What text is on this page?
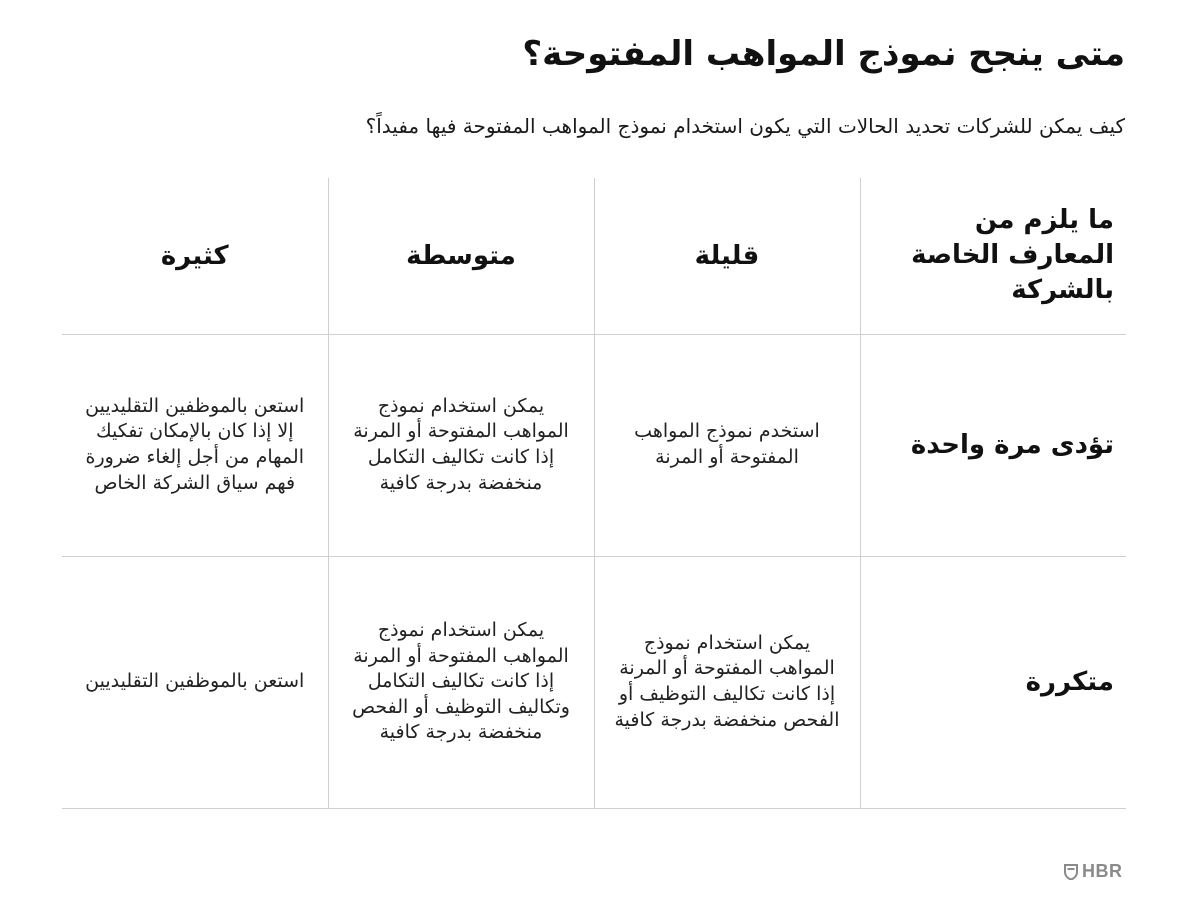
متى ينجح نموذج المواهب المفتوحة؟

كيف يمكن للشركات تحديد الحالات التي يكون استخدام نموذج المواهب المفتوحة فيها مفيداً؟

ما يلزم من المعارف الخاصة بالشركة	قليلة	متوسطة	كثيرة
تؤدى مرة واحدة	استخدم نموذج المواهب المفتوحة أو المرنة	يمكن استخدام نموذج المواهب المفتوحة أو المرنة إذا كانت تكاليف التكامل منخفضة بدرجة كافية	استعن بالموظفين التقليديين إلا إذا كان بالإمكان تفكيك المهام من أجل إلغاء ضرورة فهم سياق الشركة الخاص
متكررة	يمكن استخدام نموذج المواهب المفتوحة أو المرنة إذا كانت تكاليف التوظيف أو الفحص منخفضة بدرجة كافية	يمكن استخدام نموذج المواهب المفتوحة أو المرنة إذا كانت تكاليف التكامل وتكاليف التوظيف أو الفحص منخفضة بدرجة كافية	استعن بالموظفين التقليديين
HBR
